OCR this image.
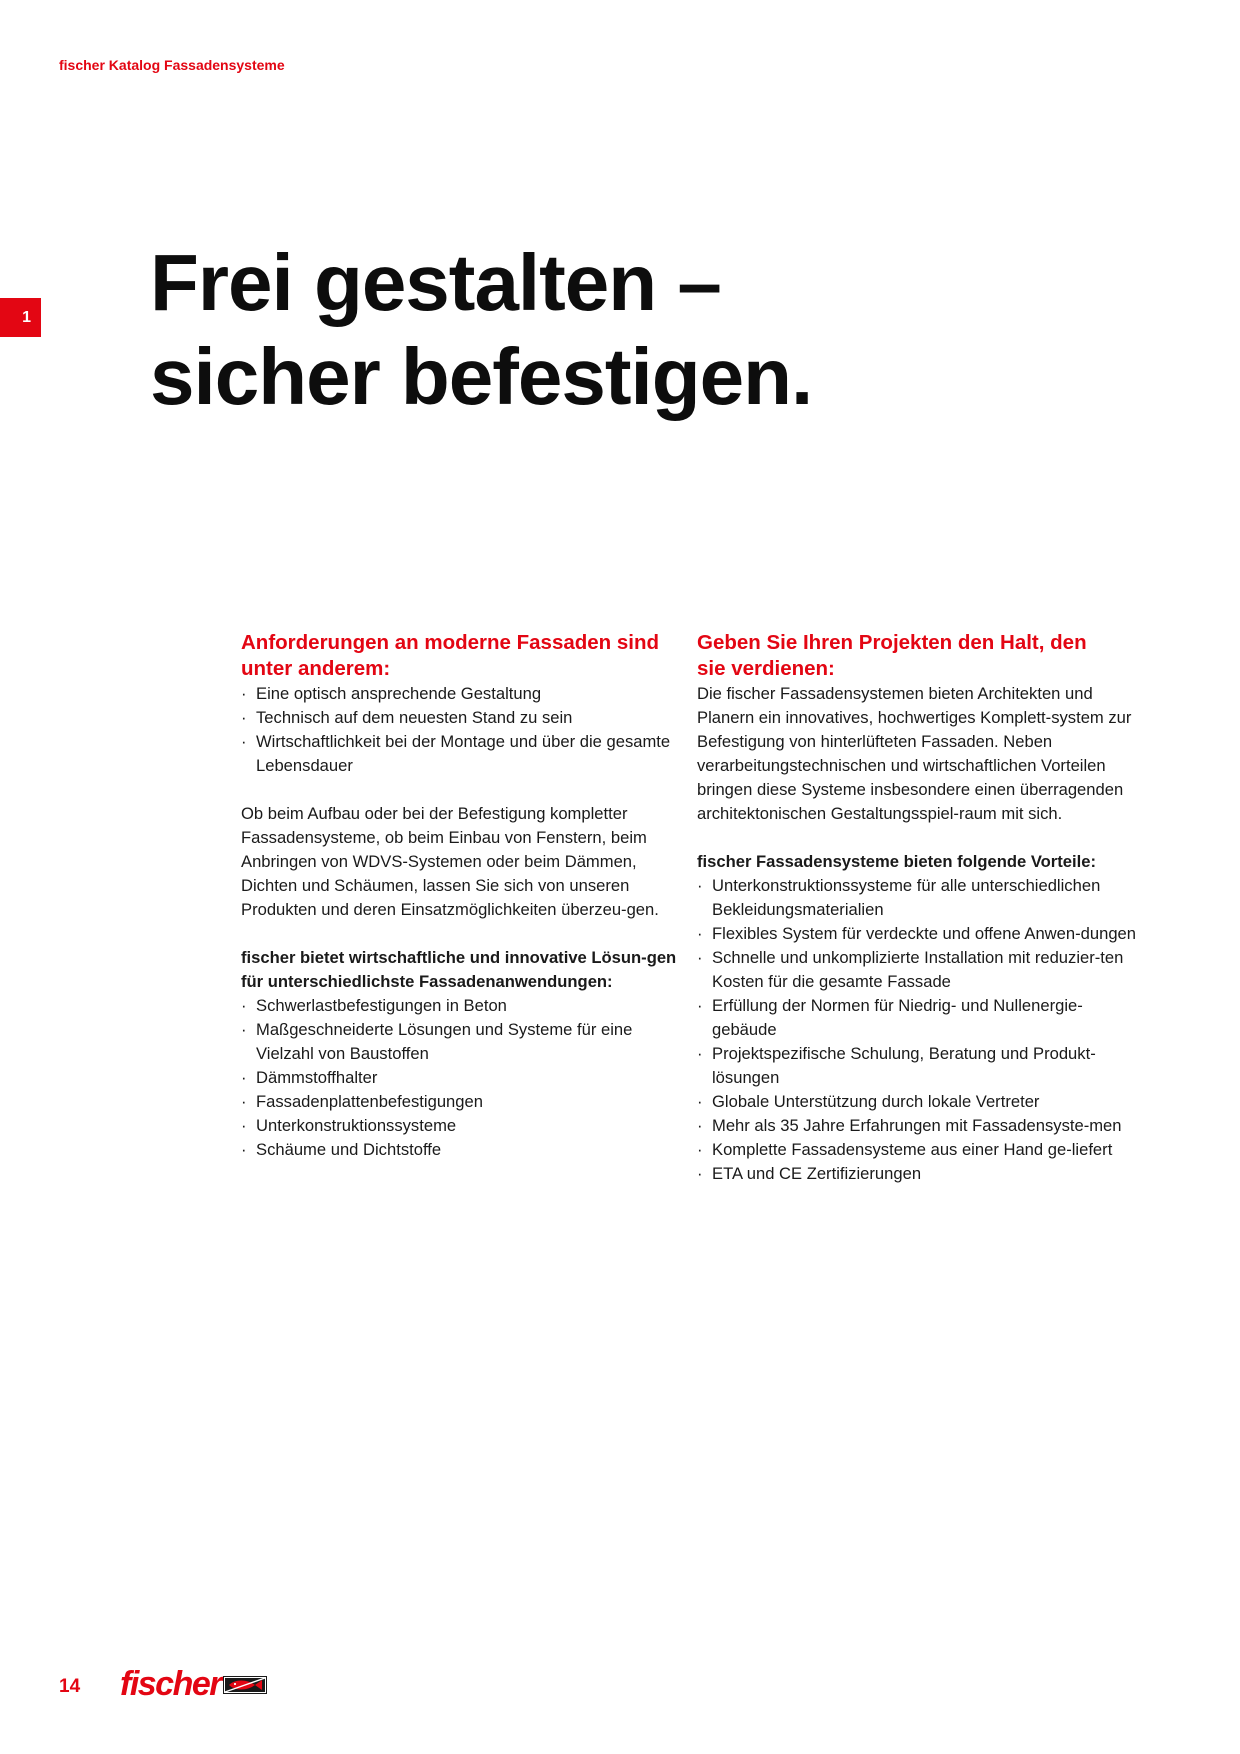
fischer Katalog Fassadensysteme
1 Frei gestalten –
sicher befestigen.
Anforderungen an moderne Fassaden sind
unter anderem:
· Eine optisch ansprechende Gestaltung
· Technisch auf dem neuesten Stand zu sein
· Wirtschaftlichkeit bei der Montage und über die gesamte Lebensdauer

Ob beim Aufbau oder bei der Befestigung kompletter Fassadensysteme, ob beim Einbau von Fenstern, beim Anbringen von WDVS-Systemen oder beim Dämmen, Dichten und Schäumen, lassen Sie sich von unseren Produkten und deren Einsatzmöglichkeiten überzeu-gen.

fischer bietet wirtschaftliche und innovative Lösun-gen für unterschiedlichste Fassadenanwendungen:

· Schwerlastbefestigungen in Beton
· Maßgeschneiderte Lösungen und Systeme für eine Vielzahl von Baustoffen
· Dämmstoffhalter
· Fassadenplattenbefestigungen
· Unterkonstruktionssysteme
· Schäume und Dichtstoffe
Geben Sie Ihren Projekten den Halt, den
sie verdienen:

Die fischer Fassadensystemen bieten Architekten und Planern ein innovatives, hochwertiges Komplett-system zur Befestigung von hinterlüfteten Fassaden. Neben verarbeitungstechnischen und wirtschaftlichen Vorteilen bringen diese Systeme insbesondere einen überragenden architektonischen Gestaltungsspiel-raum mit sich.

fischer Fassadensysteme bieten folgende Vorteile:

· Unterkonstruktionssysteme für alle unterschiedlichen Bekleidungsmaterialien
· Flexibles System für verdeckte und offene Anwen-dungen
· Schnelle und unkomplizierte Installation mit reduzier-ten Kosten für die gesamte Fassade
· Erfüllung der Normen für Niedrig- und Nullenergie-gebäude
· Projektspezifische Schulung, Beratung und Produkt-lösungen
· Globale Unterstützung durch lokale Vertreter
· Mehr als 35 Jahre Erfahrungen mit Fassadensyste-men
· Komplette Fassadensysteme aus einer Hand ge-liefert
· ETA und CE Zertifizierungen
14 fischer
